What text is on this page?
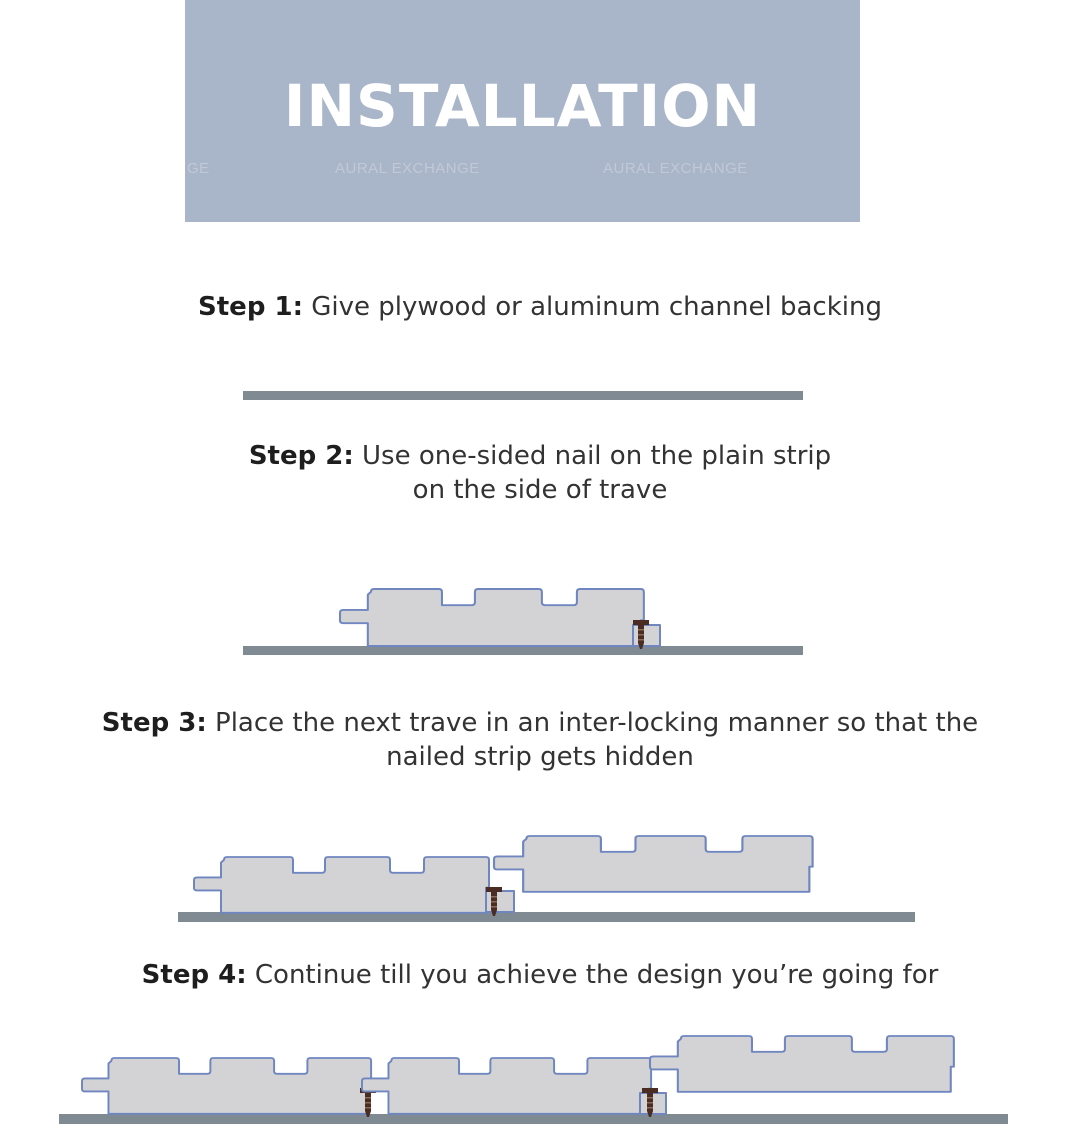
GE	AURAL EXCHANGE	AURAL EXCHANGE
INSTALLATION
Step 1: Give plywood or aluminum channel backing
Step 2: Use one-sided nail on the plain strip
on the side of trave
Step 3: Place the next trave in an inter-locking manner so that the
nailed strip gets hidden
Step 4: Continue till you achieve the design you’re going for
